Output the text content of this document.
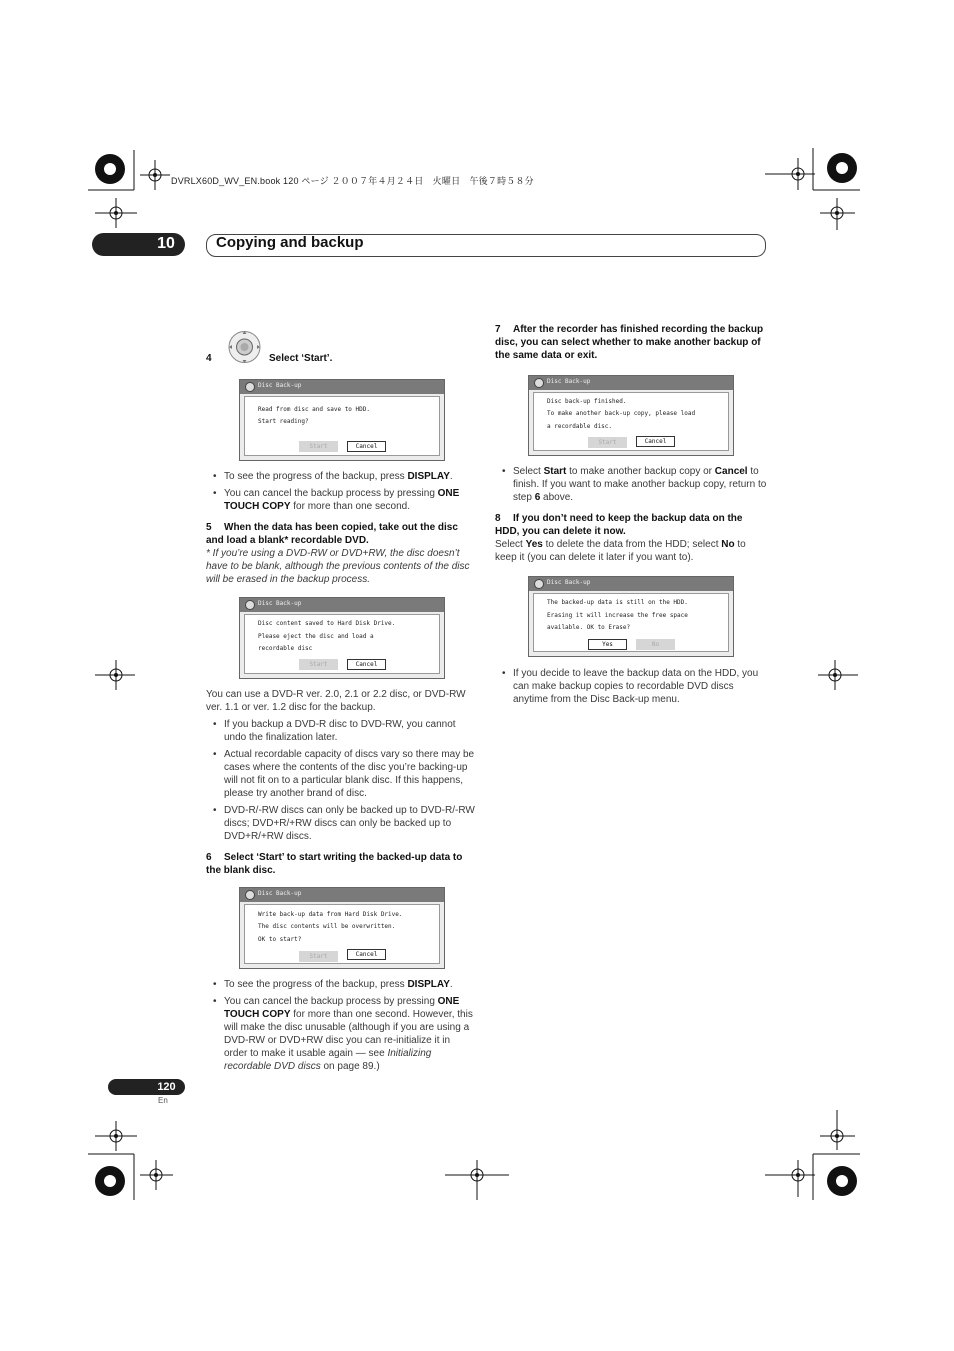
DVRLX60D_WV_EN.book 120 ページ ２００７年４月２４日　火曜日　午後７時５８分
10	Copying and backup
4	Select ‘Start’.
Disc Back-up
Read from disc and save to HDD.
Start reading?
Start	Cancel
• To see the progress of the backup, press DISPLAY.
• You can cancel the backup process by pressing ONE TOUCH COPY for more than one second.

5 When the data has been copied, take out the disc and load a blank* recordable DVD.

* If you’re using a DVD-RW or DVD+RW, the disc doesn’t have to be blank, although the previous contents of the disc will be erased in the backup process.

Disc Back-up
Disc content saved to Hard Disk Drive.
Please eject the disc and load a
recordable disc
Start	Cancel

You can use a DVD-R ver. 2.0, 2.1 or 2.2 disc, or DVD-RW ver. 1.1 or ver. 1.2 disc for the backup.

• If you backup a DVD-R disc to DVD-RW, you cannot undo the finalization later.
• Actual recordable capacity of discs vary so there may be cases where the contents of the disc you’re backing-up will not fit on to a particular blank disc. If this happens, please try another brand of disc.
• DVD-R/-RW discs can only be backed up to DVD-R/-RW discs; DVD+R/+RW discs can only be backed up to DVD+R/+RW discs.

6 Select ‘Start’ to start writing the backed-up data to the blank disc.

Disc Back-up
Write back-up data from Hard Disk Drive.
The disc contents will be overwritten.
OK to start?
Start	Cancel
• To see the progress of the backup, press DISPLAY.
• You can cancel the backup process by pressing ONE TOUCH COPY for more than one second. However, this will make the disc unusable (although if you are using a DVD-RW or DVD+RW disc you can re-initialize it in order to make it usable again — see Initializing recordable DVD discs on page 89.)

7 After the recorder has finished recording the backup disc, you can select whether to make another backup of the same data or exit.

Disc Back-up
Disc back-up finished.
To make another back-up copy, please load
a recordable disc.
Start	Cancel
• Select Start to make another backup copy or Cancel to finish. If you want to make another backup copy, return to step 6 above.

8 If you don’t need to keep the backup data on the HDD, you can delete it now.

Select Yes to delete the data from the HDD; select No to keep it (you can delete it later if you want to).

Disc Back-up
The backed-up data is still on the HDD.
Erasing it will increase the free space
available. OK to Erase?
Yes	No
• If you decide to leave the backup data on the HDD, you can make backup copies to recordable DVD discs anytime from the Disc Back-up menu.
120
En
